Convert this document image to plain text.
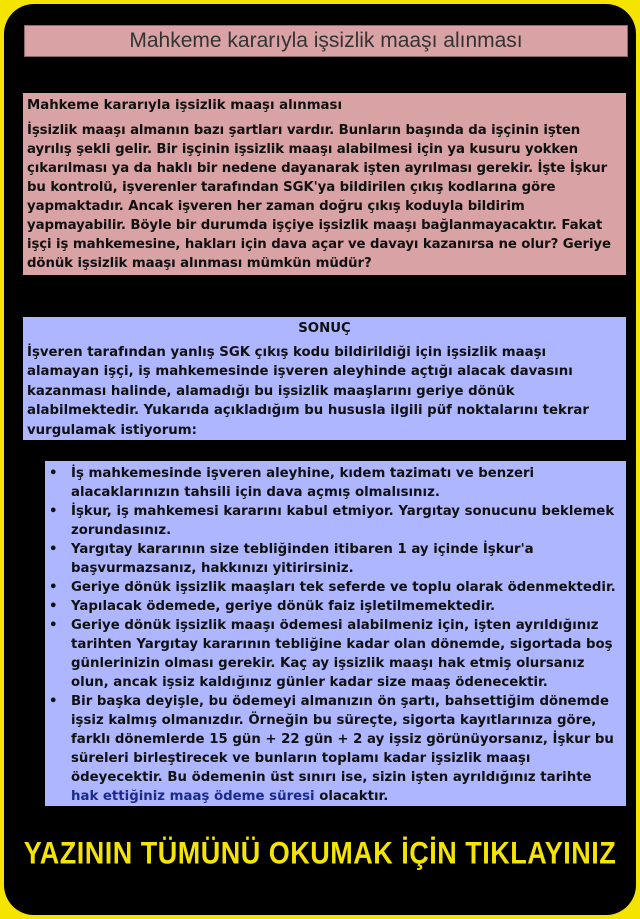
Mahkeme kararıyla işsizlik maaşı alınması

Mahkeme kararıyla işsizlik maaşı alınması

İşsizlik maaşı almanın bazı şartları vardır. Bunların başında da işçinin işten ayrılış şekli gelir. Bir işçinin işsizlik maaşı alabilmesi için ya kusuru yokken çıkarılması ya da haklı bir nedene dayanarak işten ayrılması gerekir. İşte İşkur bu kontrolü, işverenler tarafından SGK'ya bildirilen çıkış kodlarına göre yapmaktadır. Ancak işveren her zaman doğru çıkış koduyla bildirim yapmayabilir. Böyle bir durumda işçiye işsizlik maaşı bağlanmayacaktır. Fakat işçi iş mahkemesine, hakları için dava açar ve davayı kazanırsa ne olur? Geriye dönük işsizlik maaşı alınması mümkün müdür?

SONUÇ

İşveren tarafından yanlış SGK çıkış kodu bildirildiği için işsizlik maaşı alamayan işçi, iş mahkemesinde işveren aleyhinde açtığı alacak davasını kazanması halinde, alamadığı bu işsizlik maaşlarını geriye dönük alabilmektedir. Yukarıda açıkladığım bu hususla ilgili püf noktalarını tekrar vurgulamak istiyorum:

• İş mahkemesinde işveren aleyhine, kıdem tazimatı ve benzeri alacaklarınızın tahsili için dava açmış olmalısınız.
• İşkur, iş mahkemesi kararını kabul etmiyor. Yargıtay sonucunu beklemek zorundasınız.
• Yargıtay kararının size tebliğinden itibaren 1 ay içinde İşkur'a başvurmazsanız, hakkınızı yitirirsiniz.
• Geriye dönük işsizlik maaşları tek seferde ve toplu olarak ödenmektedir.
• Yapılacak ödemede, geriye dönük faiz işletilmemektedir.
• Geriye dönük işsizlik maaşı ödemesi alabilmeniz için, işten ayrıldığınız tarihten Yargıtay kararının tebliğine kadar olan dönemde, sigortada boş günlerinizin olması gerekir. Kaç ay işsizlik maaşı hak etmiş olursanız olun, ancak işsiz kaldığınız günler kadar size maaş ödenecektir.
• Bir başka deyişle, bu ödemeyi almanızın ön şartı, bahsettiğim dönemde işsiz kalmış olmanızdır. Örneğin bu süreçte, sigorta kayıtlarınıza göre, farklı dönemlerde 15 gün + 22 gün + 2 ay işsiz görünüyorsanız, İşkur bu süreleri birleştirecek ve bunların toplamı kadar işsizlik maaşı ödeyecektir. Bu ödemenin üst sınırı ise, sizin işten ayrıldığınız tarihte hak ettiğiniz maaş ödeme süresi olacaktır.
YAZININ TÜMÜNÜ OKUMAK İÇİN TIKLAYINIZ
